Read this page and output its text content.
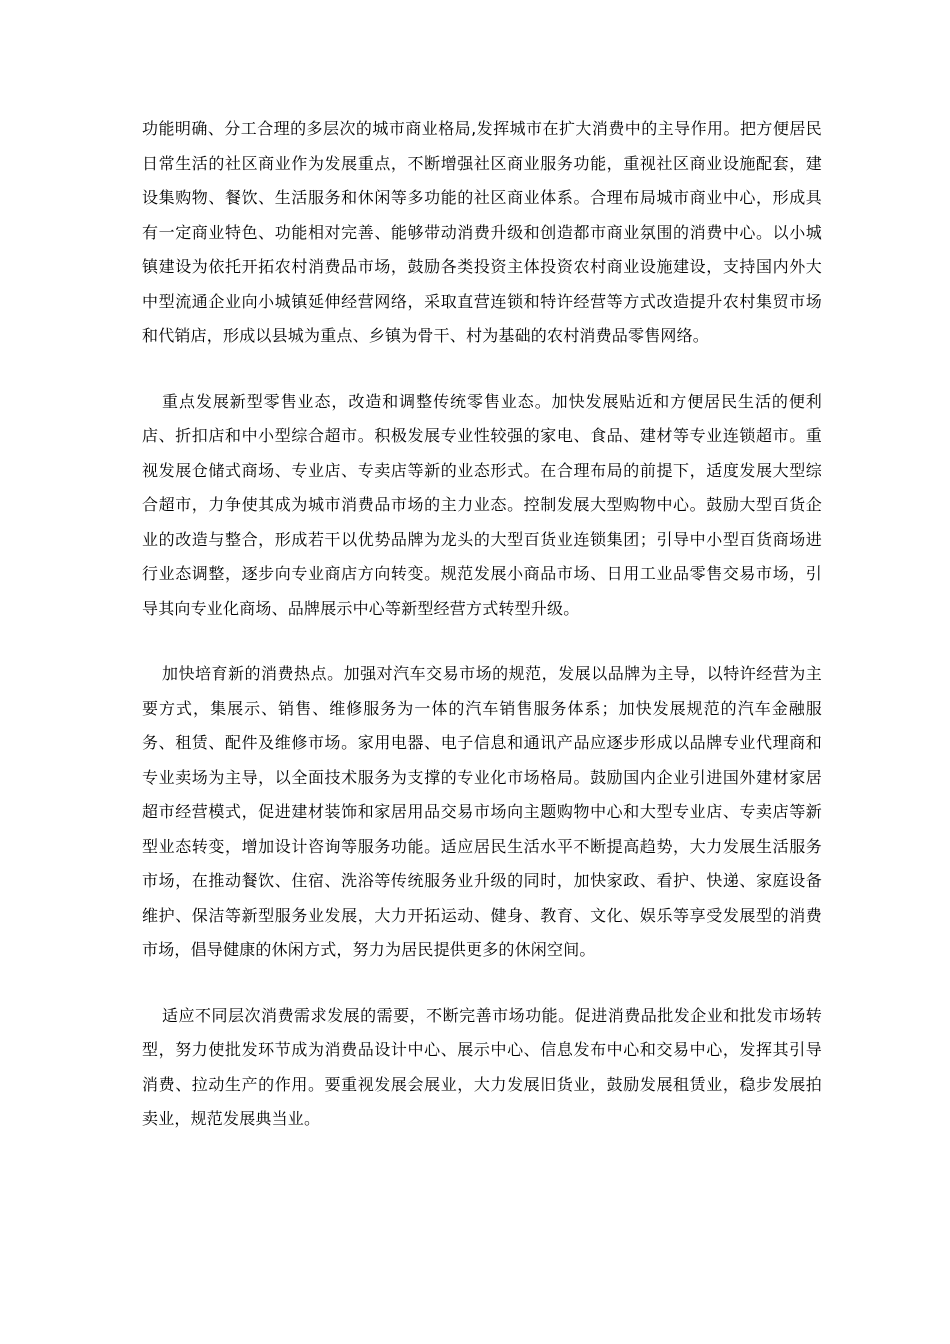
功能明确、分工合理的多层次的城市商业格局,发挥城市在扩大消费中的主导作用。把方便居民日常生活的社区商业作为发展重点，不断增强社区商业服务功能，重视社区商业设施配套，建设集购物、餐饮、生活服务和休闲等多功能的社区商业体系。合理布局城市商业中心，形成具有一定商业特色、功能相对完善、能够带动消费升级和创造都市商业氛围的消费中心。以小城镇建设为依托开拓农村消费品市场，鼓励各类投资主体投资农村商业设施建设，支持国内外大中型流通企业向小城镇延伸经营网络，采取直营连锁和特许经营等方式改造提升农村集贸市场和代销店，形成以县城为重点、乡镇为骨干、村为基础的农村消费品零售网络。

重点发展新型零售业态，改造和调整传统零售业态。加快发展贴近和方便居民生活的便利店、折扣店和中小型综合超市。积极发展专业性较强的家电、食品、建材等专业连锁超市。重视发展仓储式商场、专业店、专卖店等新的业态形式。在合理布局的前提下，适度发展大型综合超市，力争使其成为城市消费品市场的主力业态。控制发展大型购物中心。鼓励大型百货企业的改造与整合，形成若干以优势品牌为龙头的大型百货业连锁集团；引导中小型百货商场进行业态调整，逐步向专业商店方向转变。规范发展小商品市场、日用工业品零售交易市场，引导其向专业化商场、品牌展示中心等新型经营方式转型升级。

加快培育新的消费热点。加强对汽车交易市场的规范，发展以品牌为主导，以特许经营为主要方式，集展示、销售、维修服务为一体的汽车销售服务体系；加快发展规范的汽车金融服务、租赁、配件及维修市场。家用电器、电子信息和通讯产品应逐步形成以品牌专业代理商和专业卖场为主导，以全面技术服务为支撑的专业化市场格局。鼓励国内企业引进国外建材家居超市经营模式，促进建材装饰和家居用品交易市场向主题购物中心和大型专业店、专卖店等新型业态转变，增加设计咨询等服务功能。适应居民生活水平不断提高趋势，大力发展生活服务市场，在推动餐饮、住宿、洗浴等传统服务业升级的同时，加快家政、看护、快递、家庭设备维护、保洁等新型服务业发展，大力开拓运动、健身、教育、文化、娱乐等享受发展型的消费市场，倡导健康的休闲方式，努力为居民提供更多的休闲空间。

适应不同层次消费需求发展的需要，不断完善市场功能。促进消费品批发企业和批发市场转型，努力使批发环节成为消费品设计中心、展示中心、信息发布中心和交易中心，发挥其引导消费、拉动生产的作用。要重视发展会展业，大力发展旧货业，鼓励发展租赁业，稳步发展拍卖业，规范发展典当业。
